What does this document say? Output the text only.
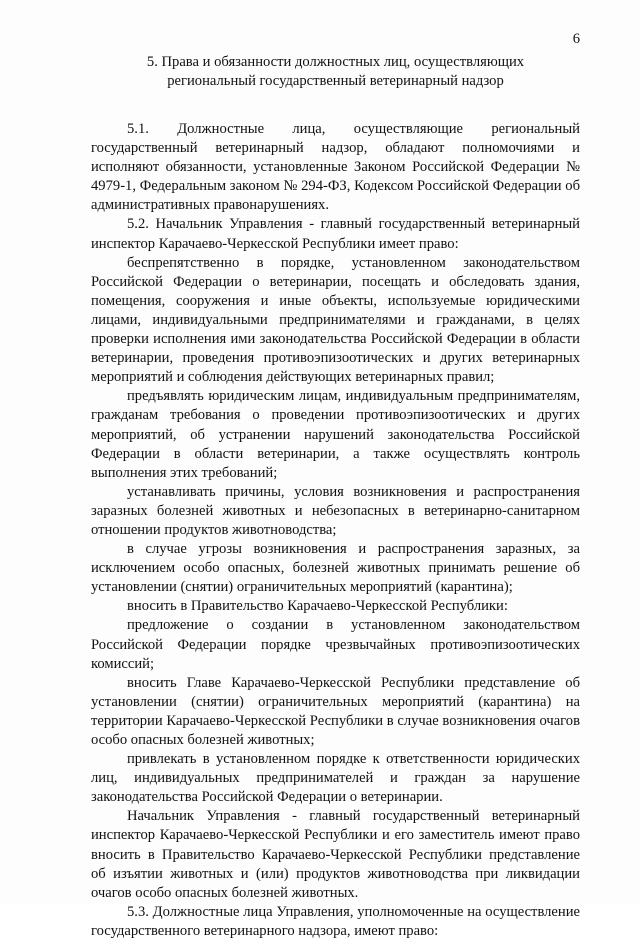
6
5. Права и обязанности должностных лиц, осуществляющих
региональный государственный ветеринарный надзор

5.1. Должностные лица, осуществляющие региональный государственный ветеринарный надзор, обладают полномочиями и исполняют обязанности, установленные Законом Российской Федерации № 4979-1, Федеральным законом № 294-ФЗ, Кодексом Российской Федерации об административных правонарушениях.

5.2. Начальник Управления - главный государственный ветеринарный инспектор Карачаево-Черкесской Республики имеет право:

беспрепятственно в порядке, установленном законодательством Российской Федерации о ветеринарии, посещать и обследовать здания, помещения, сооружения и иные объекты, используемые юридическими лицами, индивидуальными предпринимателями и гражданами, в целях проверки исполнения ими законодательства Российской Федерации в области ветеринарии, проведения противоэпизоотических и других ветеринарных мероприятий и соблюдения действующих ветеринарных правил;

предъявлять юридическим лицам, индивидуальным предпринимателям, гражданам требования о проведении противоэпизоотических и других мероприятий, об устранении нарушений законодательства Российской Федерации в области ветеринарии, а также осуществлять контроль выполнения этих требований;

устанавливать причины, условия возникновения и распространения заразных болезней животных и небезопасных в ветеринарно-санитарном отношении продуктов животноводства;

в случае угрозы возникновения и распространения заразных, за исключением особо опасных, болезней животных принимать решение об установлении (снятии) ограничительных мероприятий (карантина);

вносить в Правительство Карачаево-Черкесской Республики:

предложение о создании в установленном законодательством Российской Федерации порядке чрезвычайных противоэпизоотических комиссий;

вносить Главе Карачаево-Черкесской Республики представление об установлении (снятии) ограничительных мероприятий (карантина) на территории Карачаево-Черкесской Республики в случае возникновения очагов особо опасных болезней животных;

привлекать в установленном порядке к ответственности юридических лиц, индивидуальных предпринимателей и граждан за нарушение законодательства Российской Федерации о ветеринарии.

Начальник Управления - главный государственный ветеринарный инспектор Карачаево-Черкесской Республики и его заместитель имеют право вносить в Правительство Карачаево-Черкесской Республики представление об изъятии животных и (или) продуктов животноводства при ликвидации очагов особо опасных болезней животных.

5.3. Должностные лица Управления, уполномоченные на осуществление государственного ветеринарного надзора, имеют право:
